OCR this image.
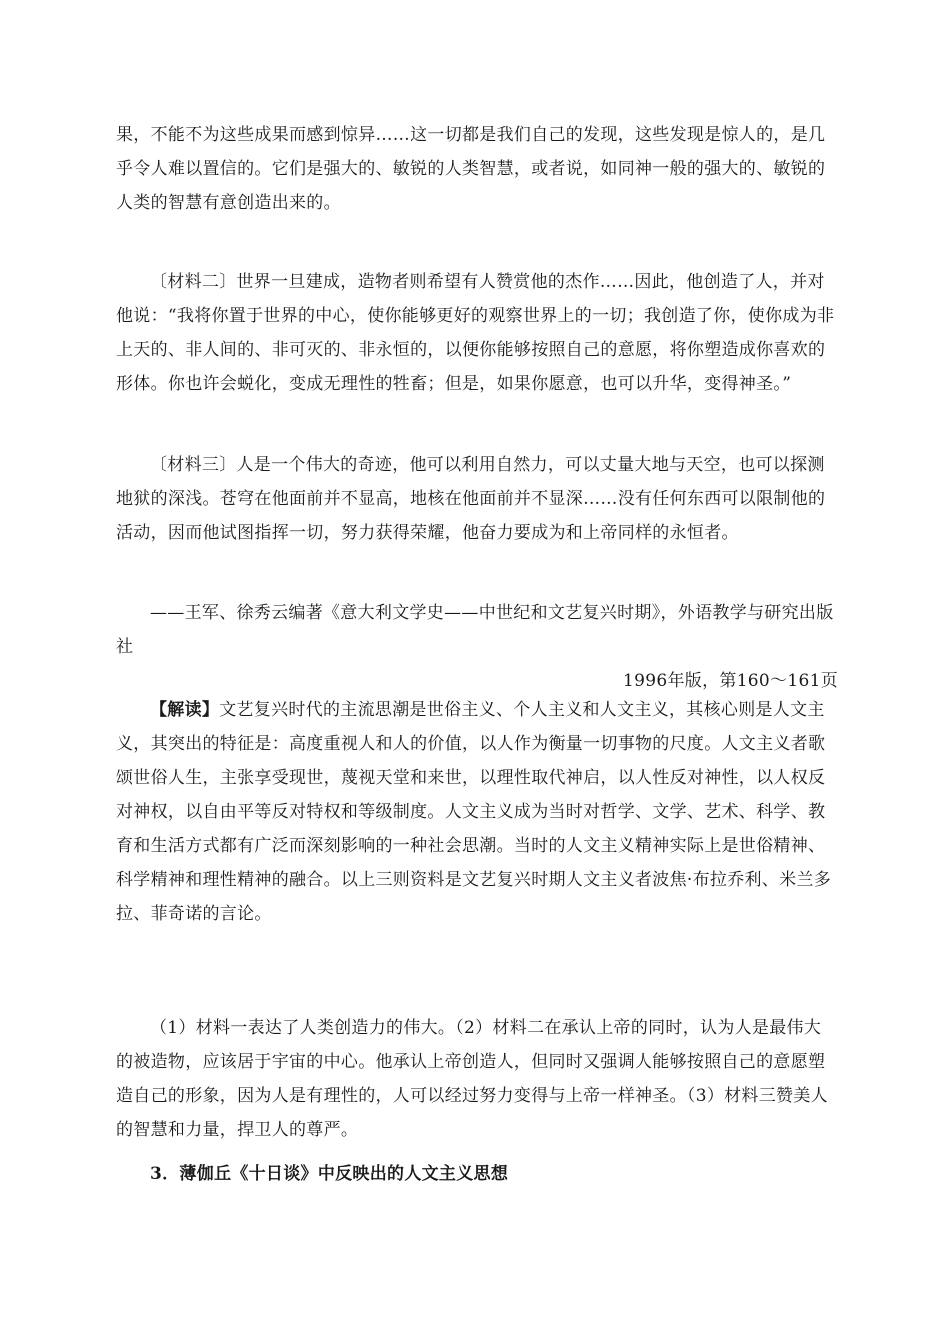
果，不能不为这些成果而感到惊异……这一切都是我们自己的发现，这些发现是惊人的，是几乎令人难以置信的。它们是强大的、敏锐的人类智慧，或者说，如同神一般的强大的、敏锐的人类的智慧有意创造出来的。

〔材料二〕世界一旦建成，造物者则希望有人赞赏他的杰作……因此，他创造了人，并对他说：“我将你置于世界的中心，使你能够更好的观察世界上的一切；我创造了你，使你成为非上天的、非人间的、非可灭的、非永恒的，以便你能够按照自己的意愿，将你塑造成你喜欢的形体。你也许会蜕化，变成无理性的牲畜；但是，如果你愿意，也可以升华，变得神圣。”

〔材料三〕人是一个伟大的奇迹，他可以利用自然力，可以丈量大地与天空，也可以探测地狱的深浅。苍穹在他面前并不显高，地核在他面前并不显深……没有任何东西可以限制他的活动，因而他试图指挥一切，努力获得荣耀，他奋力要成为和上帝同样的永恒者。

——王军、徐秀云编著《意大利文学史——中世纪和文艺复兴时期》，外语教学与研究出版社

1996年版，第160～161页

【解读】文艺复兴时代的主流思潮是世俗主义、个人主义和人文主义，其核心则是人文主义，其突出的特征是：高度重视人和人的价值，以人作为衡量一切事物的尺度。人文主义者歌颂世俗人生，主张享受现世，蔑视天堂和来世，以理性取代神启，以人性反对神性，以人权反对神权，以自由平等反对特权和等级制度。人文主义成为当时对哲学、文学、艺术、科学、教育和生活方式都有广泛而深刻影响的一种社会思潮。当时的人文主义精神实际上是世俗精神、科学精神和理性精神的融合。以上三则资料是文艺复兴时期人文主义者波焦·布拉乔利、米兰多拉、菲奇诺的言论。

（1）材料一表达了人类创造力的伟大。（2）材料二在承认上帝的同时，认为人是最伟大的被造物，应该居于宇宙的中心。他承认上帝创造人，但同时又强调人能够按照自己的意愿塑造自己的形象，因为人是有理性的，人可以经过努力变得与上帝一样神圣。（3）材料三赞美人的智慧和力量，捍卫人的尊严。

3．薄伽丘《十日谈》中反映出的人文主义思想
